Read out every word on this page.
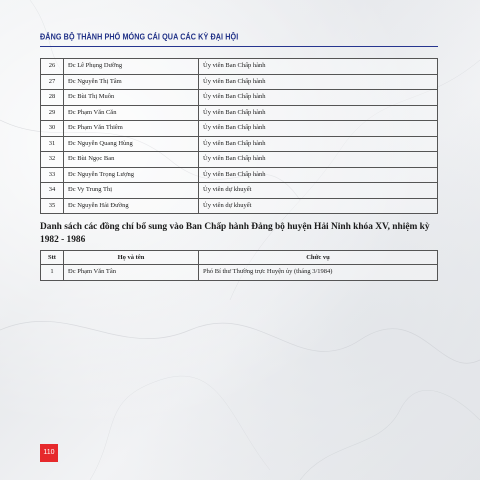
ĐẢNG BỘ THÀNH PHỐ MÓNG CÁI QUA CÁC KỲ ĐẠI HỘI
26	Đc Lê Phụng Dưỡng	Ủy viên Ban Chấp hành
27	Đc Nguyễn Thị Tâm	Ủy viên Ban Chấp hành
28	Đc Bùi Thị Muôn	Ủy viên Ban Chấp hành
29	Đc Phạm Văn Căn	Ủy viên Ban Chấp hành
30	Đc Phạm Văn Thiêm	Ủy viên Ban Chấp hành
31	Đc Nguyễn Quang Hùng	Ủy viên Ban Chấp hành
32	Đc Bùi Ngọc Ban	Ủy viên Ban Chấp hành
33	Đc Nguyễn Trọng Lượng	Ủy viên Ban Chấp hành
34	Đc Vy Trung Thị	Ủy viên dự khuyết
35	Đc Nguyễn Hải Đường	Ủy viên dự khuyết
Danh sách các đồng chí bổ sung vào Ban Chấp hành Đảng bộ huyện Hải Ninh khóa XV, nhiệm kỳ 1982 - 1986
Stt	Họ và tên	Chức vụ
1	Đc Phạm Văn Tân	Phó Bí thư Thường trực Huyện ủy (tháng 3/1984)
110
